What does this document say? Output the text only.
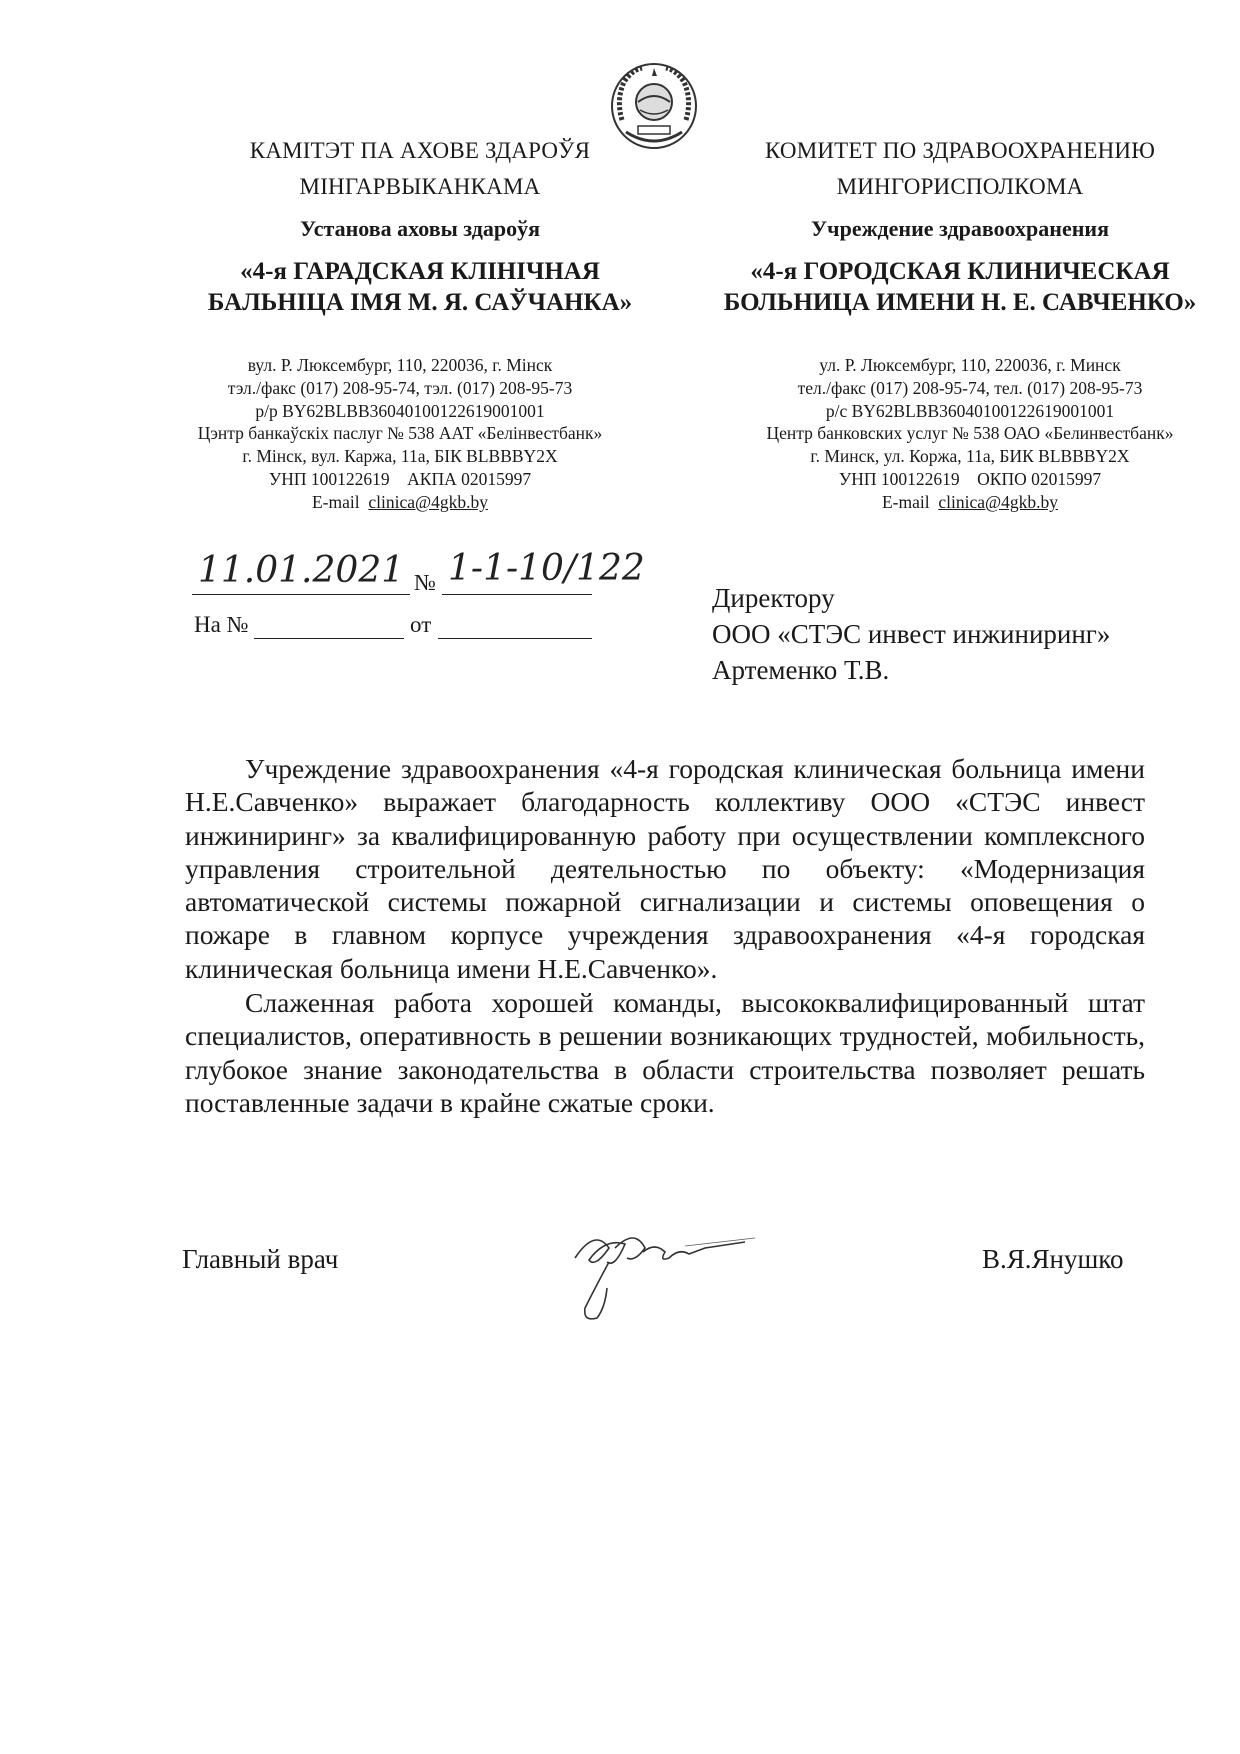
КАМІТЭТ ПА АХОВЕ ЗДАРОЎЯ
МІНГАРВЫКАНКАМА
Установа аховы здароўя
«4-я ГАРАДСКАЯ КЛІНІЧНАЯ
БАЛЬНІЦА ІМЯ М. Я. САЎЧАНКА»
вул. Р. Люксембург, 110, 220036, г. Мінск
тэл./факс (017) 208-95-74, тэл. (017) 208-95-73
р/р BY62BLBB36040100122619001001
Цэнтр банкаўскіх паслуг № 538 ААТ «Белінвестбанк»
г. Мінск, вул. Каржа, 11а, БІК BLBBBY2X
УНП 100122619    АКПА 02015997
E-mail clinica@4gkb.by
КОМИТЕТ ПО ЗДРАВООХРАНЕНИЮ
МИНГОРИСПОЛКОМА
Учреждение здравоохранения
«4-я ГОРОДСКАЯ КЛИНИЧЕСКАЯ
БОЛЬНИЦА ИМЕНИ Н. Е. САВЧЕНКО»
ул. Р. Люксембург, 110, 220036, г. Минск
тел./факс (017) 208-95-74, тел. (017) 208-95-73
р/с BY62BLBB36040100122619001001
Центр банковских услуг № 538 ОАО «Белинвестбанк»
г. Минск, ул. Коржа, 11а, БИК BLBBBY2X
УНП 100122619    ОКПО 02015997
E-mail clinica@4gkb.by
11.01.2021 № 1-1-10/122
На №	от
Директору
ООО «СТЭС инвест инжиниринг»
Артеменко Т.В.

Учреждение здравоохранения «4-я городская клиническая больница имени Н.Е.Савченко» выражает благодарность коллективу ООО «СТЭС инвест инжиниринг» за квалифицированную работу при осуществлении комплексного управления строительной деятельностью по объекту: «Модернизация автоматической системы пожарной сигнализации и системы оповещения о пожаре в главном корпусе учреждения здравоохранения «4-я городская клиническая больница имени Н.Е.Савченко».

Слаженная работа хорошей команды, высококвалифицированный штат специалистов, оперативность в решении возникающих трудностей, мобильность, глубокое знание законодательства в области строительства позволяет решать поставленные задачи в крайне сжатые сроки.

Главный врач	В.Я.Янушко
